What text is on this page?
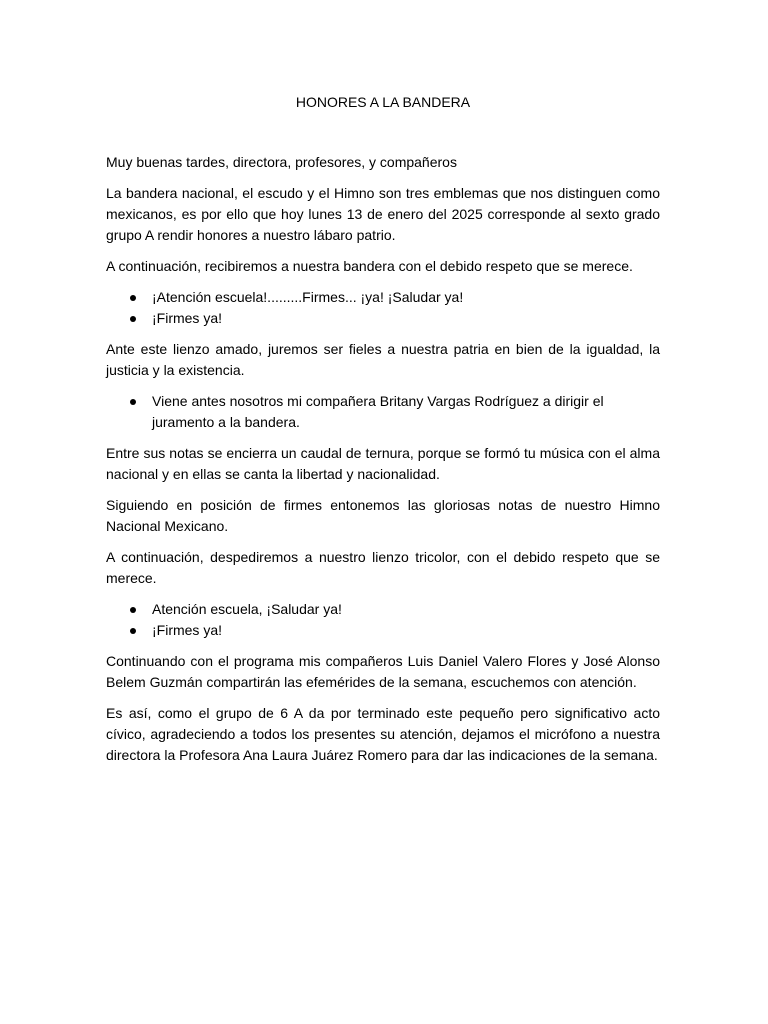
HONORES A LA BANDERA

Muy buenas tardes, directora, profesores, y compañeros

La bandera nacional, el escudo y el Himno son tres emblemas que nos distinguen como mexicanos, es por ello que hoy lunes 13 de enero del 2025 corresponde al sexto grado grupo A rendir honores a nuestro lábaro patrio.

A continuación, recibiremos a nuestra bandera con el debido respeto que se merece.

¡Atención escuela!.........Firmes... ¡ya! ¡Saludar ya!
¡Firmes ya!

Ante este lienzo amado, juremos ser fieles a nuestra patria en bien de la igualdad, la justicia y la existencia.

Viene antes nosotros mi compañera Britany Vargas Rodríguez a dirigir el juramento a la bandera.

Entre sus notas se encierra un caudal de ternura, porque se formó tu música con el alma nacional y en ellas se canta la libertad y nacionalidad.

Siguiendo en posición de firmes entonemos las gloriosas notas de nuestro Himno Nacional Mexicano.

A continuación, despediremos a nuestro lienzo tricolor, con el debido respeto que se merece.

Atención escuela, ¡Saludar ya!
¡Firmes ya!

Continuando con el programa mis compañeros Luis Daniel Valero Flores y José Alonso Belem Guzmán compartirán las efemérides de la semana, escuchemos con atención.

Es así, como el grupo de 6 A da por terminado este pequeño pero significativo acto cívico, agradeciendo a todos los presentes su atención, dejamos el micrófono a nuestra directora la Profesora Ana Laura Juárez Romero para dar las indicaciones de la semana.
